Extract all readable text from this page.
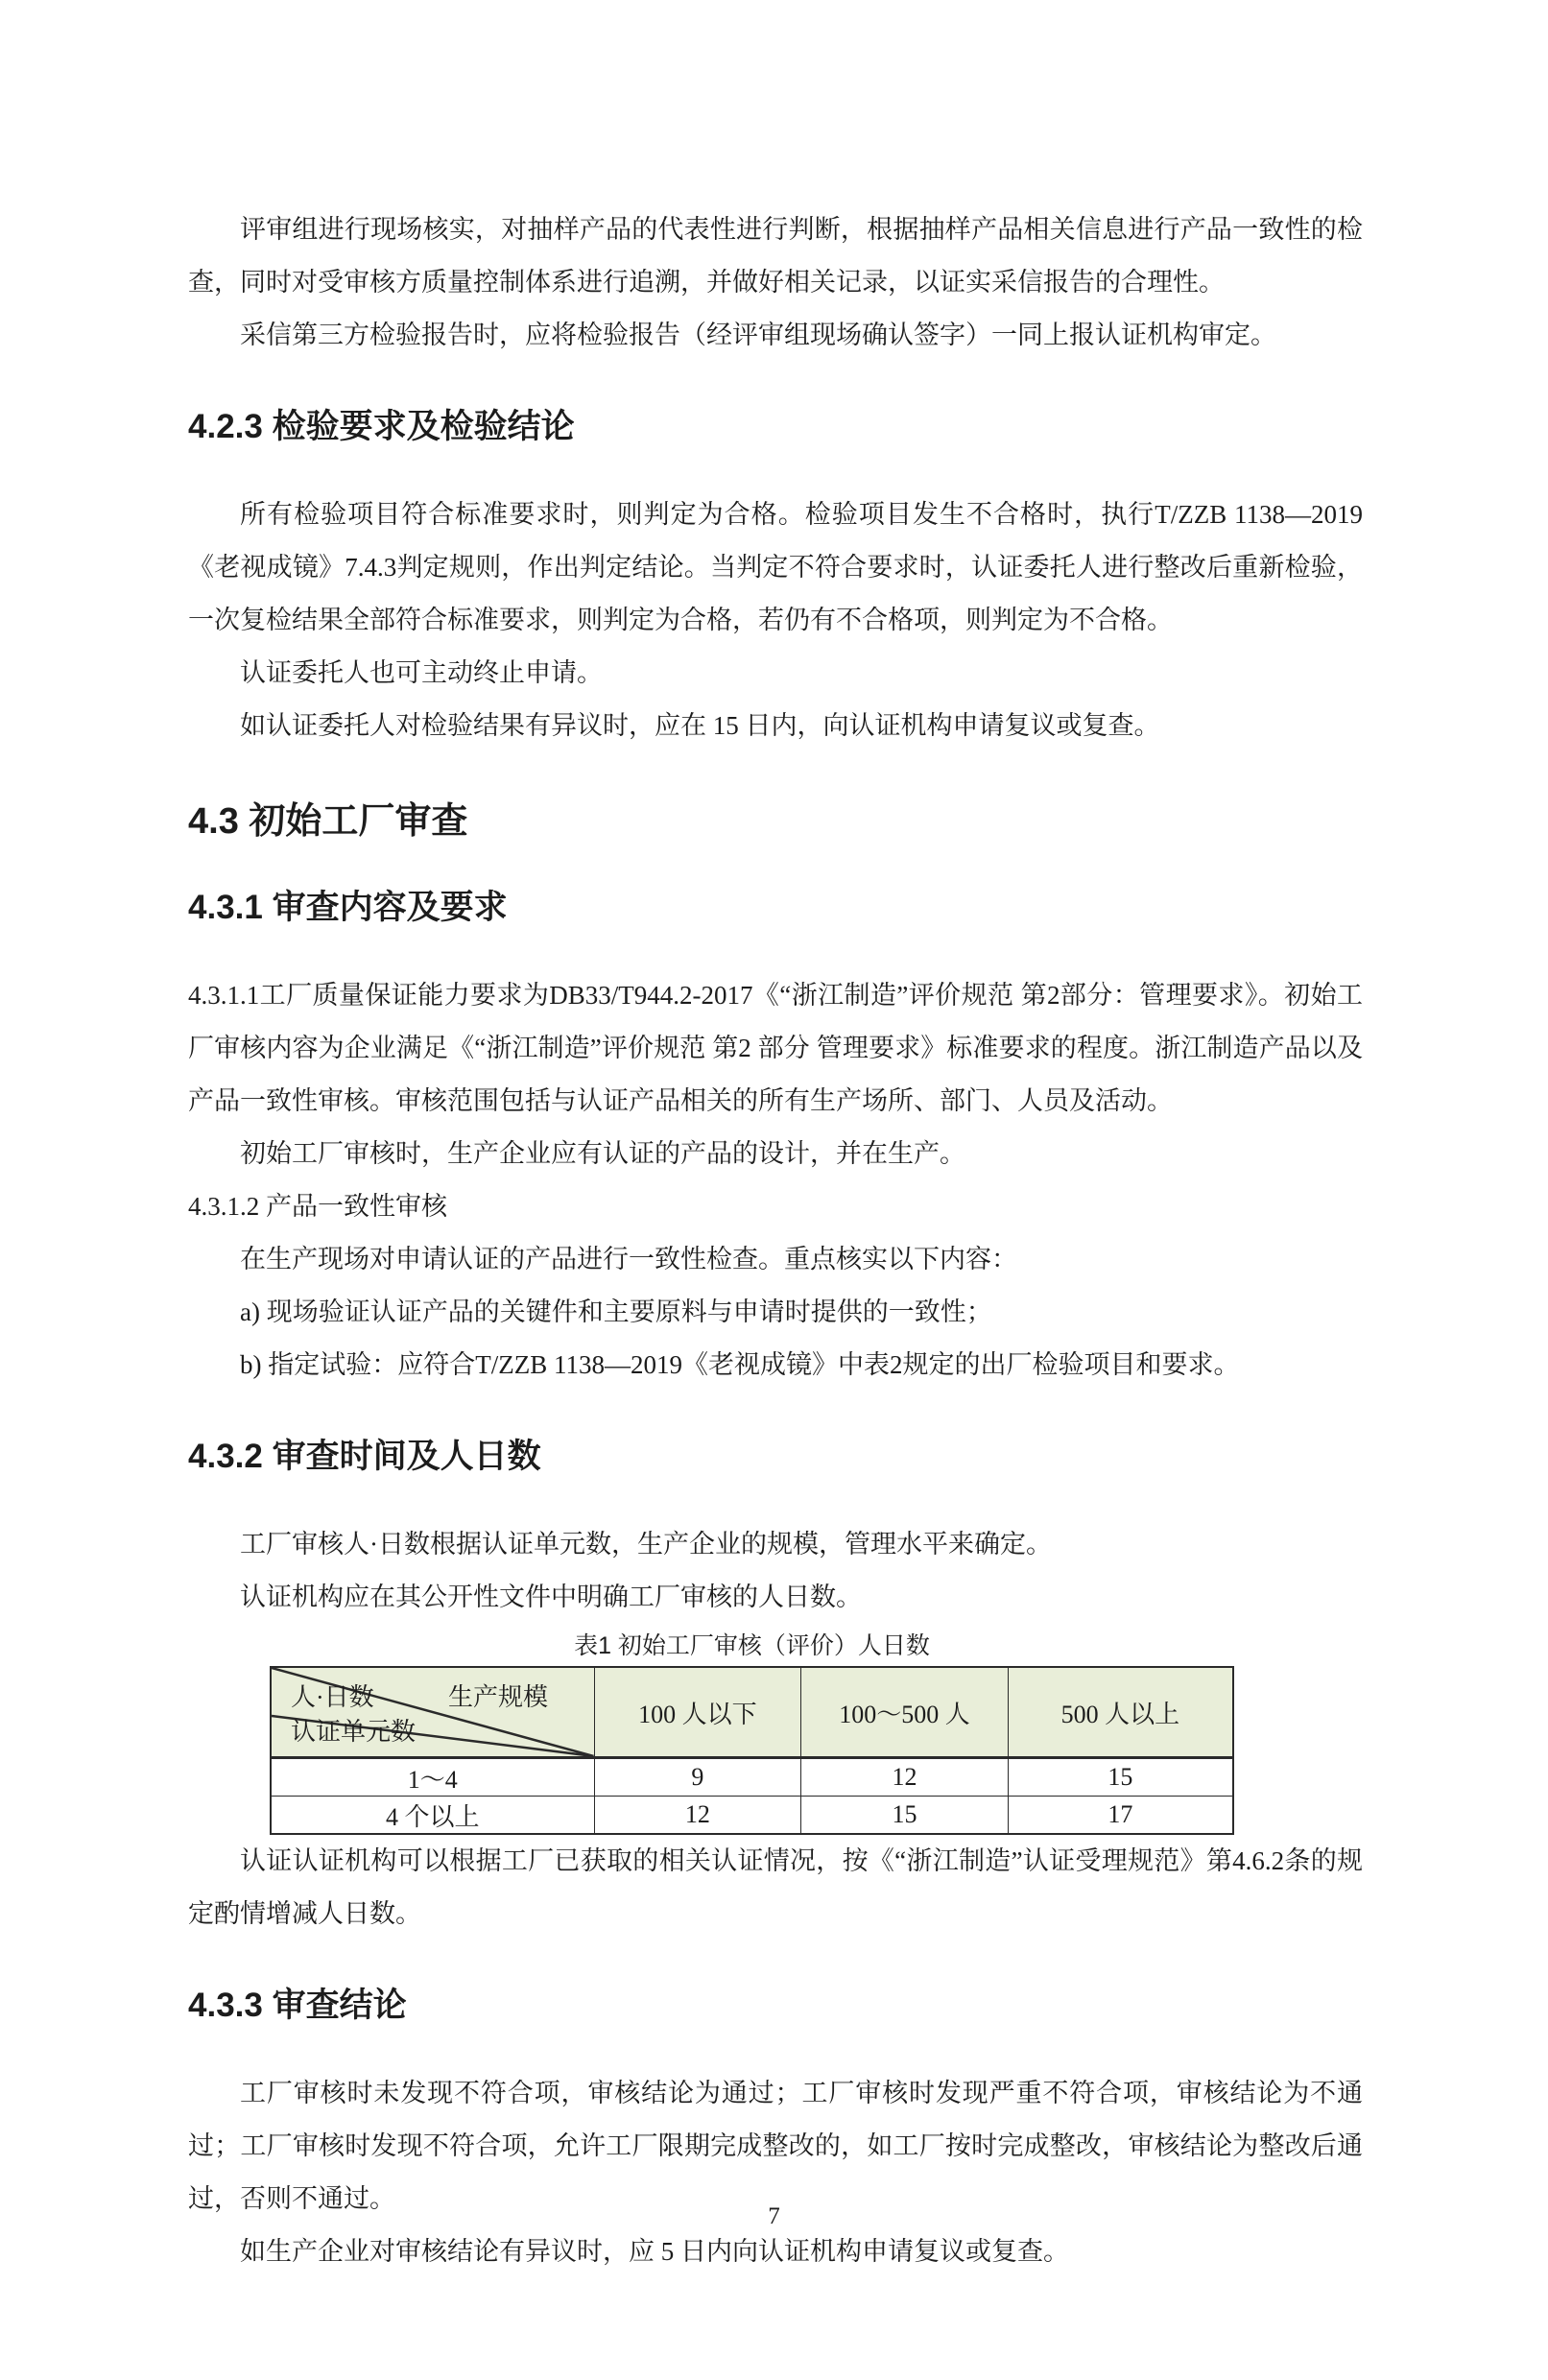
评审组进行现场核实，对抽样产品的代表性进行判断，根据抽样产品相关信息进行产品一致性的检查，同时对受审核方质量控制体系进行追溯，并做好相关记录，以证实采信报告的合理性。

采信第三方检验报告时，应将检验报告（经评审组现场确认签字）一同上报认证机构审定。

4.2.3 检验要求及检验结论

所有检验项目符合标准要求时，则判定为合格。检验项目发生不合格时，执行T/ZZB 1138—2019《老视成镜》7.4.3判定规则，作出判定结论。当判定不符合要求时，认证委托人进行整改后重新检验，一次复检结果全部符合标准要求，则判定为合格，若仍有不合格项，则判定为不合格。

认证委托人也可主动终止申请。

如认证委托人对检验结果有异议时，应在 15 日内，向认证机构申请复议或复查。

4.3 初始工厂审查
4.3.1 审查内容及要求

4.3.1.1工厂质量保证能力要求为DB33/T944.2-2017《“浙江制造”评价规范 第2部分：管理要求》。初始工厂审核内容为企业满足《“浙江制造”评价规范 第2 部分 管理要求》标准要求的程度。浙江制造产品以及产品一致性审核。审核范围包括与认证产品相关的所有生产场所、部门、人员及活动。

初始工厂审核时，生产企业应有认证的产品的设计，并在生产。

4.3.1.2 产品一致性审核

在生产现场对申请认证的产品进行一致性检查。重点核实以下内容：

a) 现场验证认证产品的关键件和主要原料与申请时提供的一致性；

b) 指定试验：应符合T/ZZB 1138—2019《老视成镜》中表2规定的出厂检验项目和要求。

4.3.2 审查时间及人日数

工厂审核人·日数根据认证单元数，生产企业的规模，管理水平来确定。

认证机构应在其公开性文件中明确工厂审核的人日数。

表1 初始工厂审核（评价）人日数
人·日数 生产规模
认证单元数	100 人以下	100～500 人	500 人以上
1～4	9	12	15
4 个以上	12	15	17

认证认证机构可以根据工厂已获取的相关认证情况，按《“浙江制造”认证受理规范》第4.6.2条的规定酌情增减人日数。

4.3.3 审查结论

工厂审核时未发现不符合项，审核结论为通过；工厂审核时发现严重不符合项，审核结论为不通过；工厂审核时发现不符合项，允许工厂限期完成整改的，如工厂按时完成整改，审核结论为整改后通过，否则不通过。

如生产企业对审核结论有异议时，应 5 日内向认证机构申请复议或复查。

7
